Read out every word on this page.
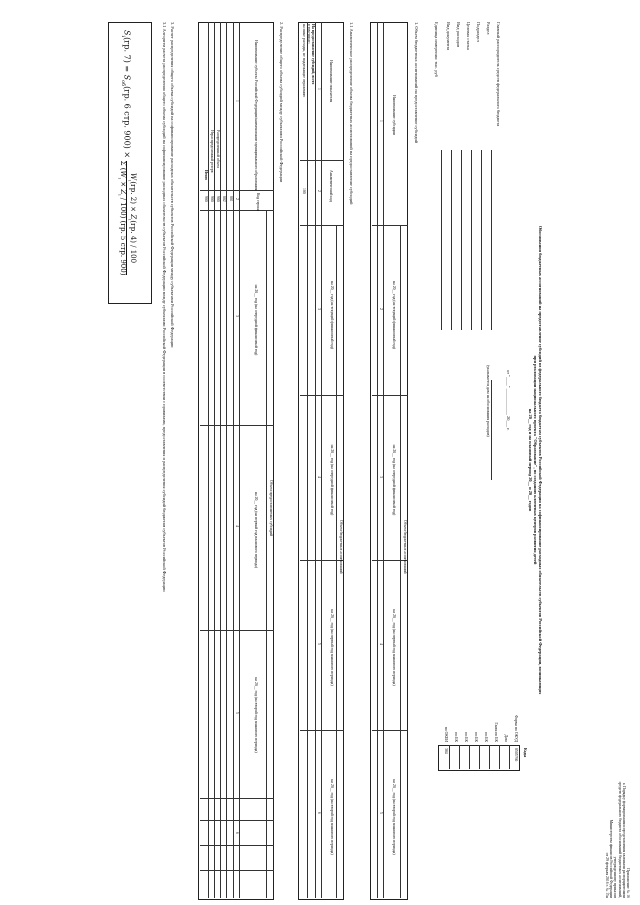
Приложение № 16
к Порядку формирования и представления главными распорядителями
средств федерального бюджета обоснований бюджетных ассигнований,
утвержденному приказом
Министерства финансов Российской Федерации
от 29 февраля 2016 г. № 15н
Обоснования бюджетных ассигнований на предоставление субсидий из федерального бюджета бюджетам субъектов Российской Федерации на софинансирование расходных обязательств субъектов Российской Федерации, возникающих
при реализации национального проекта "Образование", по созданию ключевых центров развития детей
на 20__ год и на плановый период 20__ и 20__ годов
от "____" ____________ 20___ г.
(указывается дата на обоснования расходов)
Коды
Главный распорядитель средств федерального бюджета
Раздел
Подраздел
Целевая статья
Вид расходов
Вид документа
Единица измерения: тыс. руб
1. Объем бюджетных ассигнований на предоставление субсидий
Наименование субсидии
Объем бюджетных ассигнований
на 20__ год (на текущий финансовый год)
на 20__ год (на очередной финансовый год)
на 20__ год (на первый год планового периода)
на 20__ год (на второй год планового периода)
1
2
3
4
5
1.1 Аналитическое распределение объема бюджетных ассигнований на предоставление субсидий
Наименование показателя
Аналитический код
Объем бюджетных ассигнований
на 20__ год (на текущий финансовый год)
на 20__ год (на очередной финансовый год)
на 20__ год (на первый год планового периода)
на 20__ год (на второй год планового периода)
1
2
3
4
5
6
На предоставление субсидий, всего
в том числе:
на иные расходы, не подлежащие отражению
100
2. Распределение общего объема субсидий между субъектами Российской Федерации
Наименование субъекта Российской Федерации/наименование муниципального образования
Код строки
Объем предоставляемых субсидий
на 20__ год (на очередной финансовый год)
на 20__ год (на первый год планового периода)
на 20__ год (на второй год планового периода)
1
2
3
4
5
6
001
002
900
900
900
Распределенный объем
Нераспределенный резерв
Итого
3. Расчет распределения общего объема субсидий на софинансирование расходных обязательств субъектов Российской Федерации между субъектами Российской Федерации
3.1 Алгоритм расчета распределения общего объема субсидий на софинансирование расходных обязательств субъектов Российской Федерации между субъектами Российской Федерации в соответствии с правилами, предоставления и распределения субсидий бюджетам субъектов Российской Федерации
$S_i(гр$. $7) = S_{об}(гр$. 6 стр. 900) ×
$W_i(гр$. $2) \times Z_i(гр$. 4) / 100
Σ $(W_i \times Z_i / 100)$ (гр. 5 стр. 900)
Форма по ОКУД
0505760
Дата
Глава по БК
по БК
по БК
по БК
по БК
по ОКЕИ
384
